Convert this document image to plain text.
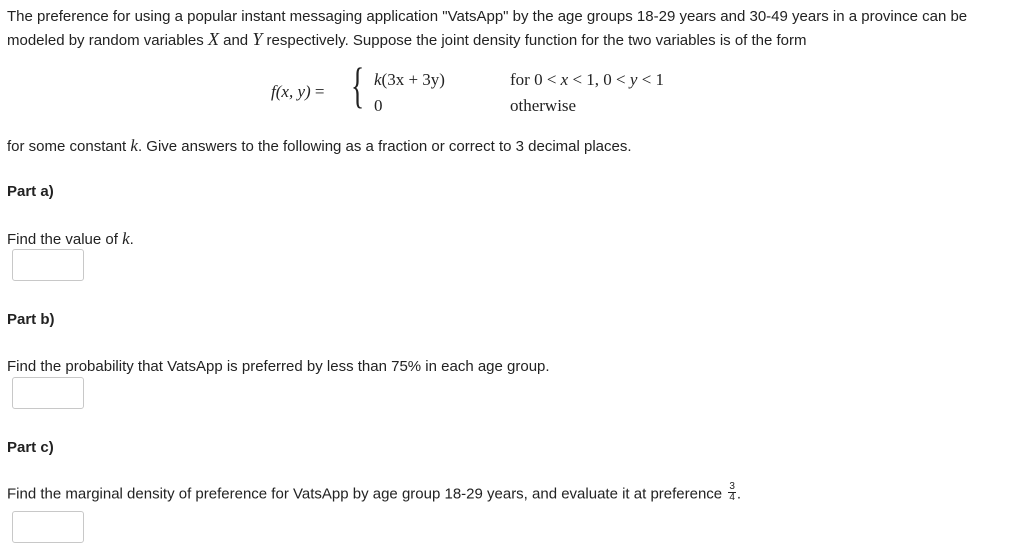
The preference for using a popular instant messaging application "VatsApp" by the age groups 18-29 years and 30-49 years in a province can be modeled by random variables X and Y respectively. Suppose the joint density function for the two variables is of the form

f(x, y) = { k(3x + 3y)
0
for 0 < x < 1, 0 < y < 1
otherwise

for some constant k. Give answers to the following as a fraction or correct to 3 decimal places.

Part a)

Find the value of k.

Part b)

Find the probability that VatsApp is preferred by less than 75% in each age group.

Part c)

Find the marginal density of preference for VatsApp by age group 18-29 years, and evaluate it at preference $\frac{3}{4}$ .
